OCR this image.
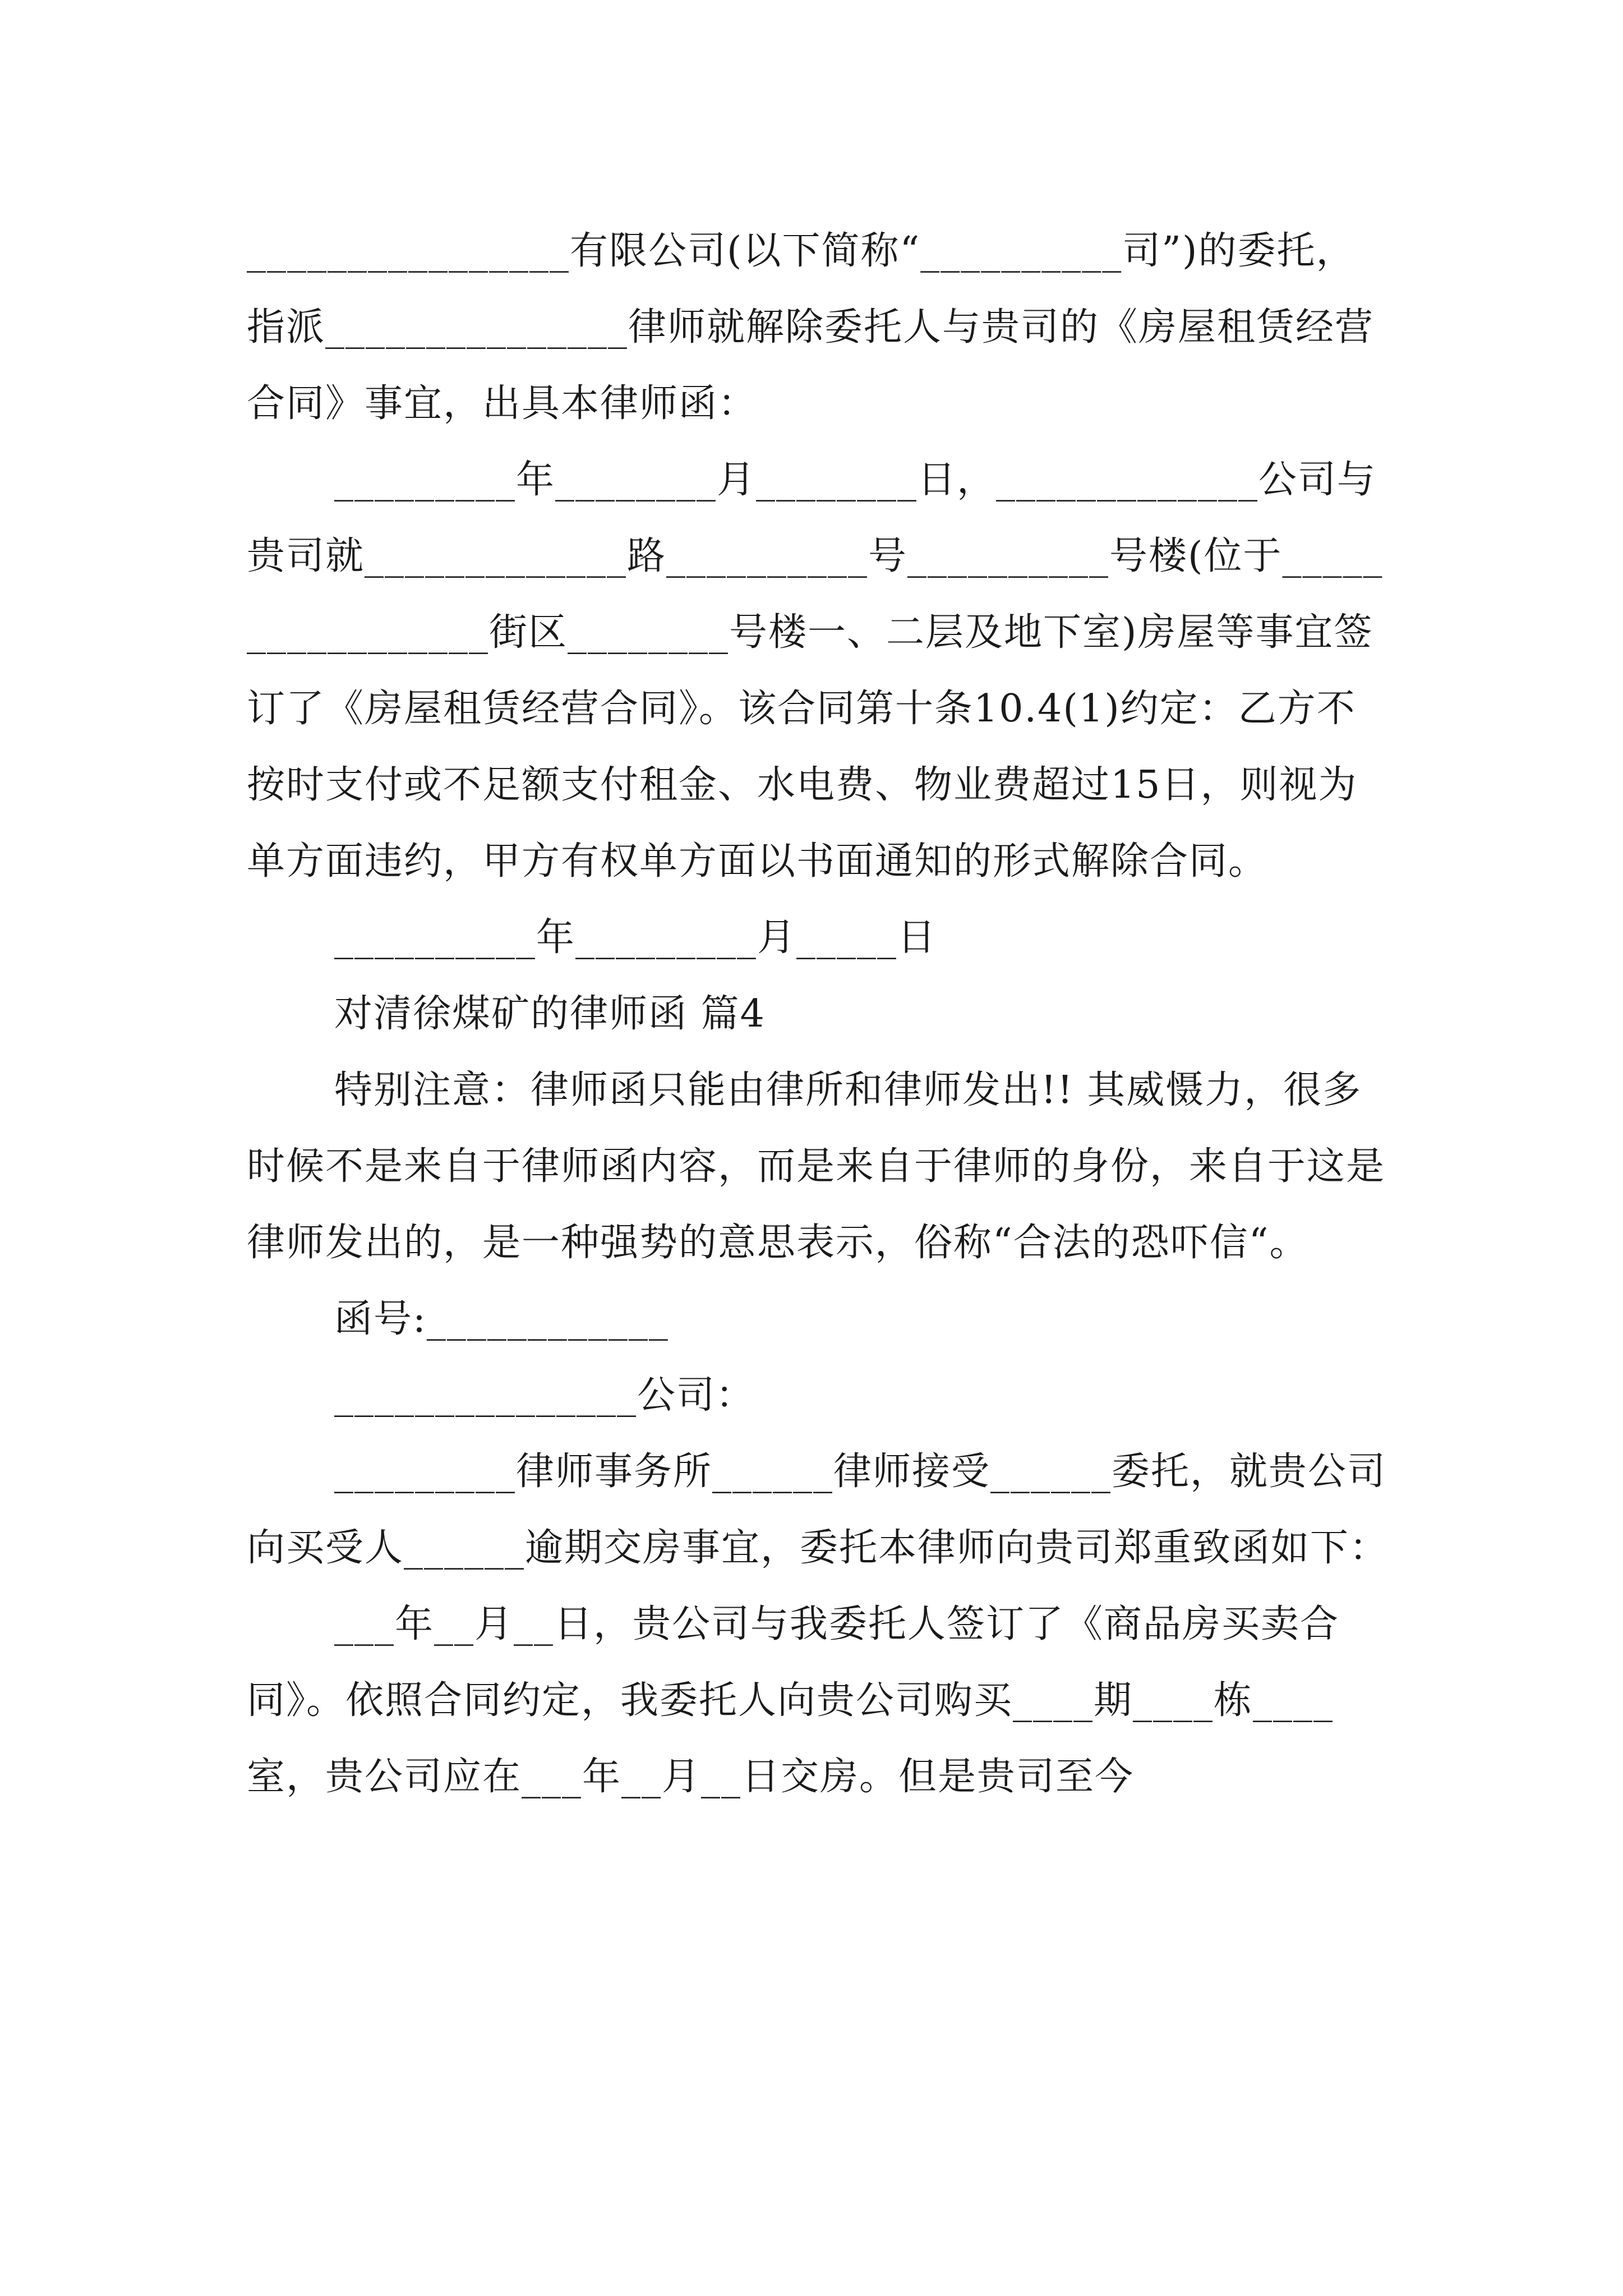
________________有限公司(以下简称“__________司”)的委托，指派_______________律师就解除委托人与贵司的《房屋租赁经营合同》事宜，出具本律师函：

_________年________月________日，_____________公司与贵司就_____________路__________号__________号楼(位于_________________街区________号楼一、二层及地下室)房屋等事宜签订了《房屋租赁经营合同》。该合同第十条10.4(1)约定：乙方不按时支付或不足额支付租金、水电费、物业费超过15日，则视为单方面违约，甲方有权单方面以书面通知的形式解除合同。

__________年_________月_____日

对清徐煤矿的律师函 篇4

特别注意：律师函只能由律所和律师发出!! 其威慑力，很多时候不是来自于律师函内容，而是来自于律师的身份，来自于这是律师发出的，是一种强势的意思表示，俗称“合法的恐吓信“。

函号:____________

_______________公司：

_________律师事务所______律师接受______委托，就贵公司向买受人______逾期交房事宜，委托本律师向贵司郑重致函如下：

___年__月__日，贵公司与我委托人签订了《商品房买卖合同》。依照合同约定，我委托人向贵公司购买____期____栋____室，贵公司应在___年__月__日交房。但是贵司至今
